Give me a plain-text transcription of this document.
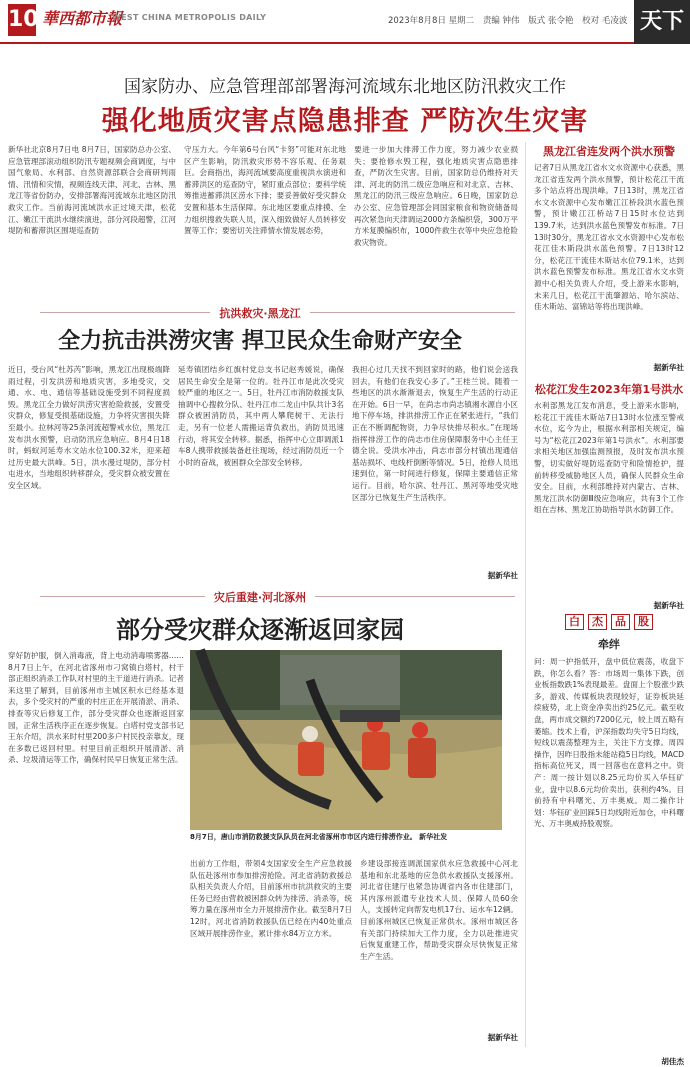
10 華西都市報
WEST CHINA METROPOLIS DAILY	2023年8月8日 星期二 责编 钟伟 版式 张令艳 校对 毛凌波 天下
国家防办、应急管理部部署海河流域东北地区防汛救灾工作
强化地质灾害点隐患排查 严防次生灾害
新华社北京8月7日电 8月7日，国家防总办公室、应急管理部滚动组织防汛专题视频会商调度，与中国气象局、水利部、自然资源部联合会商研判雨情、汛情和灾情，视频连线天津、河北、吉林、黑龙江等省份防办，安排部署海河流域东北地区防汛救灾工作。当前海河流域洪水正过境天津，松花江、嫩江干流洪水继续演进，部分河段超警，江河堤防和蓄滞洪区围堤巡查防
守压力大。今年第6号台风“卡努”可能对东北地区产生影响，防汛救灾形势不容乐观、任务艰巨。会商指出，海河流域要高度重视洪水演进和蓄滞洪区的巡查防守，紧盯重点部位；要科学统筹推进蓄滞洪区涝水下排；要妥善做好受灾群众安置和基本生活保障。东北地区要重点排摸、全力组织搜救失联人员，深入细致做好人员转移安置等工作；要密切关注滞情水情发展态势，
要进一步加大排滞工作力度，努力减少农业损失；要抢修水毁工程，强化地质灾害点隐患排查，严防次生灾害。目前，国家防总仍维持对天津、河北的防汛二级应急响应和对北京、吉林、黑龙江的防汛三级应急响应。6日晚，国家防总办公室、应急管理部会同国家粮食和物资储备局再次紧急向天津调运2000方条编织袋，300万平方米复膜编织布，1000件救生衣等中央应急抢险救灾物资。
黑龙江省连发两个洪水预警
记者7日从黑龙江省水文水资源中心获悉，黑龙江省连发两个洪水预警，预计松花江干流多个站点将出现洪峰。7日13时，黑龙江省水文水资源中心发布嫩江江桥段洪水蓝色预警，预计嫩江江桥站7日15时水位达到139.7米，达到洪水蓝色预警发布标准。7日13时30分，黑龙江省水文水资源中心发布松花江佳木斯段洪水蓝色预警。7日13时12分，松花江干流佳木斯站水位79.1米，达到洪水蓝色预警发布标准。黑龙江省水文水资源中心相关负责人介绍，受上游来水影响，未来几日，松花江干流肇源站、哈尔滨站、佳木斯站、富锦站等将出现洪峰。
据新华社
松花江发生2023年第1号洪水
水利部黑龙江发布消息，受上游来水影响，松花江干流佳木斯站7日13时水位涨至警戒水位，迄今为止，根据水利部相关规定，编号为“松花江2023年第1号洪水”。水利部要求相关地区加强监测预报，及时发布洪水预警，切实做好堤防巡查防守和险情抢护，提前转移受威胁地区人员，确保人民群众生命安全。目前，水利部维持对内蒙古、吉林、黑龙江洪水防御Ⅲ级应急响应，共有3个工作组在吉林、黑龙江协助指导洪水防御工作。
据新华社
白	杰	品	股
牵绊
问：周一护指低开，盘中低位震荡，收盘下跌，你怎么看？答：市场周一集体下跌，创业板指数跌1%表现最差。盘面上个股涨少跌多，游戏、传媒板块表现较好，证券板块延续疲势，北上资金净卖出约25亿元。截至收盘，两市成交额约7200亿元，较上周五略有萎缩。技术上看，沪深指数均失守5日均线，短线以震荡整理为主，关注下方支撑。周四操作，因昨日股指未能站稳5日均线，MACD指标高位死叉，周一回落也在意料之中。资产：周一按计划以8.25元均价买入华钰矿业，盘中以8.6元均价卖出，获利约4%。目前持有中科曙光、万丰奥威。周二操作计划：华钰矿业回踩5日均线附近加仓，中科曙光、万丰奥威持股观察。
胡佳杰
抗洪救灾·黑龙江
全力抗击洪涝灾害 捍卫民众生命财产安全
近日，受台风“杜苏芮”影响，黑龙江出现极端降雨过程，引发洪涝和地质灾害，多地受灾，交通、水、电、通信等基础设施受到不同程度损毁。黑龙江全力做好洪涝灾害抢险救援，安置受灾群众，修复受损基础设施，力争将灾害损失降至最小。拉林河等25条河流超警戒水位，黑龙江发布洪水预警，启动防汛应急响应。8月4日18时，蚂蚁河延寿水文站水位100.32米，迎来超过历史最大洪峰。5日，洪水漫过堤防，部分村屯进水，当地组织转移群众，受灾群众被安置在安全区域。
延寿镇团结乡红旗村党总支书记赵秀媛说，确保居民生命安全是第一位的。牡丹江市是此次受灾较严重的地区之一。5日，牡丹江市消防救援支队抽调中心搜救分队、牡丹江市二龙山中队共计3名群众被困消防员，其中两人攀爬树干、无法行走，另有一位老人需搬运背负救出，消防员迅速行动，将其安全转移。据悉，指挥中心立即调派1车8人携带救援装备赶往现场，经过消防员近一个小时的奋战，被困群众全部安全转移。
我担心过几天找不到回家时的路，他们说会送我回去，有他们在我安心多了。”王桂兰说。随着一些地区的洪水渐渐退去，恢复生产生活的行动正在开始。6日一早，在尚志市尚志镇湘水源自小区地下停车场，排洪排涝工作正在紧张进行，“我们正在不断调配物资，力争尽快排尽积水。”在现场指挥排涝工作的尚志市住房保障服务中心主任王德全说。受洪水冲击，尚志市部分村镇出现通信基站损坏、电线杆倒断等情况。5日，抢修人员迅速到位，第一时间进行修复，保障主要通信正常运行。目前，哈尔滨、牡丹江、黑河等地受灾地区部分已恢复生产生活秩序。
据新华社
灾后重建·河北涿州
部分受灾群众逐渐返回家园
穿好防护服，倒入消毒液，背上电动消毒喷雾器……8月7日上午，在河北省涿州市刁窝镇白塔村，村干部正组织消杀工作队对村里的主干道进行消杀。记者来这里了解到，目前涿州市主城区积水已经基本退去，多个受灾村的严重的村庄正在开展清淤、消杀、排查等灾后修复工作，部分受灾群众也逐渐返回家园，正常生活秩序正在逐步恢复。白塔村党支部书记王东介绍，洪水来时村里200多户村民投亲靠友，现在多数已返回村里。村里目前正组织开展清淤、消杀、垃圾清运等工作，确保村民早日恢复正常生活。
8月7日，唐山市消防救援支队队员在河北省涿州市市区内进行排涝作业。 新华社发
出前方工作组，带领4支国家安全生产应急救援队伍赴涿州市参加排涝抢险。河北省消防救援总队相关负责人介绍，目前涿州市抗洪救灾的主要任务已经由营救被困群众转为排涝、消杀等，统筹力量在涿州市全力开展排涝作业。截至8月7日12时，河北省消防救援队伍已经在内40处重点区域开展排涝作业，累计排水84万立方米。
乡建设部接连调派国家供水应急救援中心河北基地和东北基地的应急供水救援队支援涿州。河北省住建厅也紧急协调省内各市住建部门，其内涿州派遣专业技术人员、保障人员60余人，支援转定向帮发电机17台、运水车12辆。目前涿州城区已恢复正常供水。涿州市城区各有关部门持续加大工作力度，全力以赴推进灾后恢复重建工作，帮助受灾群众尽快恢复正常生产生活。
据新华社
